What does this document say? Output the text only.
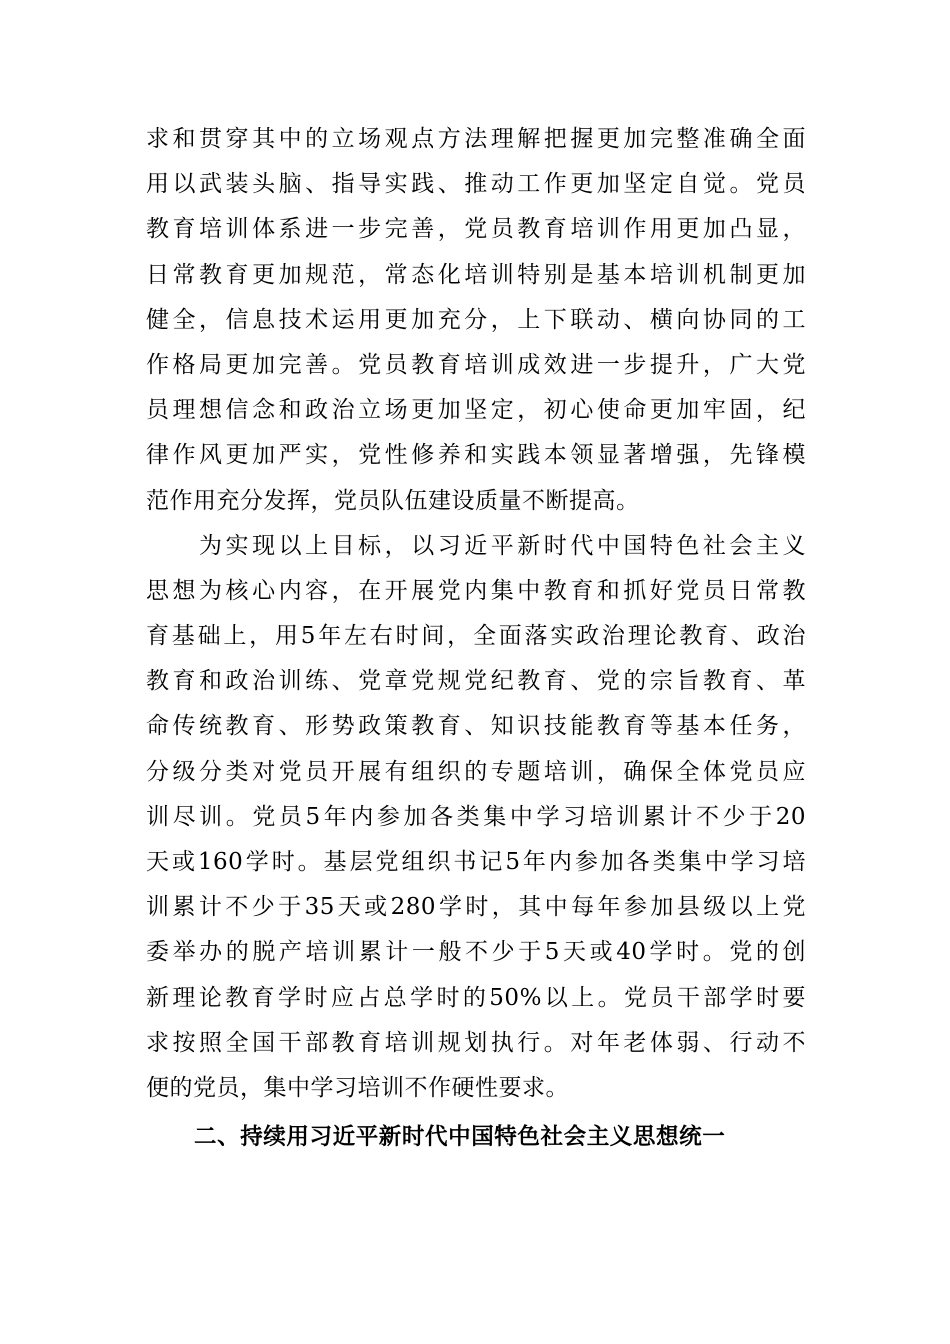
求和贯穿其中的立场观点方法理解把握更加完整准确全面
用以武装头脑、指导实践、推动工作更加坚定自觉。党员
教育培训体系进一步完善，党员教育培训作用更加凸显，
日常教育更加规范，常态化培训特别是基本培训机制更加
健全，信息技术运用更加充分，上下联动、横向协同的工
作格局更加完善。党员教育培训成效进一步提升，广大党
员理想信念和政治立场更加坚定，初心使命更加牢固，纪
律作风更加严实，党性修养和实践本领显著增强，先锋模
范作用充分发挥，党员队伍建设质量不断提高。
　　为实现以上目标，以习近平新时代中国特色社会主义
思想为核心内容，在开展党内集中教育和抓好党员日常教
育基础上，用5年左右时间，全面落实政治理论教育、政治
教育和政治训练、党章党规党纪教育、党的宗旨教育、革
命传统教育、形势政策教育、知识技能教育等基本任务，
分级分类对党员开展有组织的专题培训，确保全体党员应
训尽训。党员5年内参加各类集中学习培训累计不少于20
天或160学时。基层党组织书记5年内参加各类集中学习培
训累计不少于35天或280学时，其中每年参加县级以上党
委举办的脱产培训累计一般不少于5天或40学时。党的创
新理论教育学时应占总学时的50%以上。党员干部学时要
求按照全国干部教育培训规划执行。对年老体弱、行动不
便的党员，集中学习培训不作硬性要求。
二、持续用习近平新时代中国特色社会主义思想统一
